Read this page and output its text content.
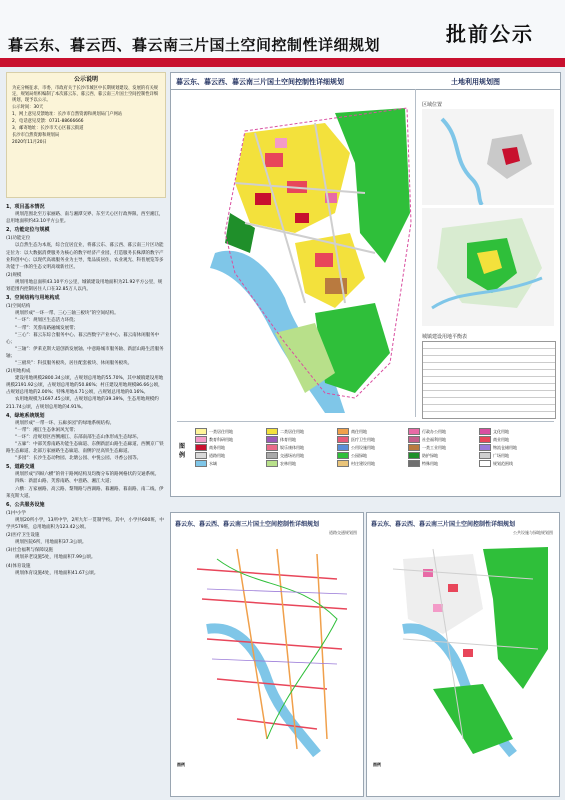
暮云东、暮云西、暮云南三片国土空间控制性详细规划	批前公示
公示说明

为充分畅征求、市委、市政府关于长沙市城区中长期规划建设、发展的有关规定，规划局组织编制了本次暮云东、暮云西、暮云南三片国土空间控制性详细规划，现予以公示。

公示时间：30天

1、网上意见反馈地址：长沙市自然资源和规划局门户网站

2、电话意见反馈：0731-88666666

3、邮寄地址：长沙市天心区暮云街道

长沙市自然资源和规划局

2020年11月20日

1、项目基本情况
规划范围北至万家丽路、南与湘潭交界、东至天心区行政界限、西至湘江，总用地面积约43.10平方公里。
2、功能定位与规模
(1)功能定位
以自然生态为本底，综合宜居宜业，将暮云东、暮云西、暮云南三片区功能定位为：以大数据消费服务为核心的数字经济产业园，打造服务长株潭的数字产业科创中心；以现代高端服务业为主导，集品质居住、农业观光、科普展览等多功能于一体的生态文明高端新社区。
(2)规模
规划用地总面积43.10平方公里，城镇建设用地面积为21.92平方公里，规划范围内控制居住人口在32.85万人以内。
3、空间结构与用地构成
(1)空间结构
规划形成“一环一带、三心三轴三板块”的空间结构。
“一环”：规划区生态活力环绕；
“一带”：芙蓉南路融城发展带；
“三心”：暮云东综合服务中心、暮云西数字产业中心、暮云南休闲服务中心；
“三轴”：伊莱克斯大道创新发展轴、中意路城市服务轴、新韶山路生活服务轴；
“三板块”：科技服务板块、居住配套板块、休闲服务板块。
(2)用地构成
建设用地规模2800.34公顷，占规划总用地的55.70%，其中城镇建设用地规模2191.92公顷，占规划总用地的50.86%；村庄建设用地规模86.66公顷，占规划总用地的2.00%；特殊用地4.71公顷，占规划总用地的0.16%。
农用地规模为1697.45公顷，占规划总用地的39.39%，生态用地规模约211.74公顷，占规划总用地的4.91%。
4、绿地系统规划
规划形成“一带一环、五廊多园”的绿地系统结构。
“一带”：湘江生态休闲风光带；
“一环”：沿规划区西侧湘江、东部南部生态山体形成生态绿环。
“五廊”：中部芙蓉南路功能生态廊道、东侧新韶山路生态廊道、西侧京广铁路生态廊道、北部万家丽路生态廊道、南侧沪昆高铁生态廊道。
“多园”：长沙生态动物园、北塘公园、中悦公园、寻香公园等。
5、道路交通
规划形成“四纵六横”的骨干路网结构及均衡分布的路网格状的交通系统。
四纵：新韶山路、芙蓉南路、中意路、湘江大道；
六横：万家丽路、高云路、黎翔路与西湖路、暮湘路、暮南路、南二线、伊莱克斯大道。
6、公共服务设施
(1)中小学
规划20所小学，13所中学，2所九年一贯制学校。其中，小学共600班，中学共579班，总用地面积为123.42公顷。
(2)医疗卫生设施
规划医院6所，用地面积37.3公顷。
(3)社会福利与保障设施
规划养老设施5处，用地面积7.99公顷。
(4)体育设施
规划体育设施4处，用地面积41.67公顷。
暮云东、暮云西、暮云南三片国土空间控制性详细规划	土地利用规划图
区域位置
城镇建设用地平衡表
图例
一类居住用地	二类居住用地	商住用地	行政办公用地	文化用地
教育科研用地	体育用地	医疗卫生用地	社会福利用地	商业用地
商务用地	娱乐康体用地	公用设施用地	一类工业用地	物流仓储用地
道路用地	交通场站用地	公园绿地	防护绿地	广场用地
水域	农林用地	村庄建设用地	特殊用地	规划范围线
暮云东、暮云西、暮云南三片国土空间控制性详细规划
道路交通规划图
图例
暮云东、暮云西、暮云南三片国土空间控制性详细规划
公共设施与绿地规划图
图例
